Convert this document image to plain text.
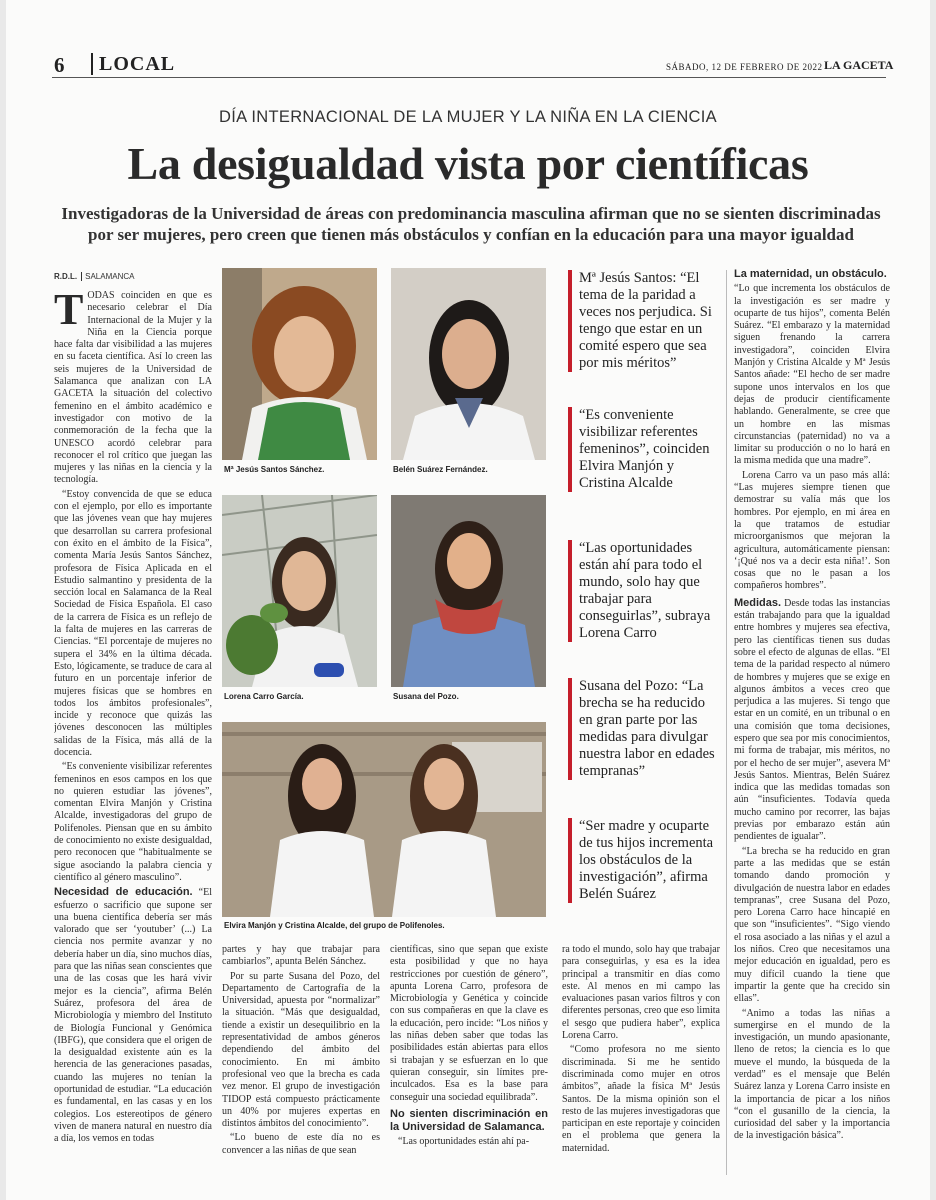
6	LOCAL	SÁBADO, 12 DE FEBRERO DE 2022 LA GACETA
DÍA INTERNACIONAL DE LA MUJER Y LA NIÑA EN LA CIENCIA
La desigualdad vista por científicas
Investigadoras de la Universidad de áreas con predominancia masculina afirman que no se sienten discriminadas por ser mujeres, pero creen que tienen más obstáculos y confían en la educación para una mayor igualdad
R.D.L. SALAMANCA

TODAS coinciden en que es necesario celebrar el Día Internacional de la Mujer y la Niña en la Ciencia porque hace falta dar visibilidad a las mujeres en su faceta científica. Así lo creen las seis mujeres de la Universidad de Salamanca que analizan con LA GACETA la situación del colectivo femenino en el ámbito académico e investigador con motivo de la conmemoración de la fecha que la UNESCO acordó celebrar para reconocer el rol crítico que juegan las mujeres y las niñas en la ciencia y la tecnología.

“Estoy convencida de que se educa con el ejemplo, por ello es importante que las jóvenes vean que hay mujeres que desarrollan su carrera profesional con éxito en el ámbito de la Física”, comenta María Jesús Santos Sánchez, profesora de Física Aplicada en el Estudio salmantino y presidenta de la sección local en Salamanca de la Real Sociedad de Física Española. El caso de la carrera de Física es un reflejo de la falta de mujeres en las carreras de Ciencias. “El porcentaje de mujeres no supera el 34% en la última década. Esto, lógicamente, se traduce de cara al futuro en un porcentaje inferior de mujeres físicas que se hombres en todos los ámbitos profesionales”, incide y reconoce que quizás las jóvenes desconocen las múltiples salidas de la Física, más allá de la docencia.

“Es conveniente visibilizar referentes femeninos en esos campos en los que no quieren estudiar las jóvenes”, comentan Elvira Manjón y Cristina Alcalde, investigadoras del grupo de Polifenoles. Piensan que en su ámbito de conocimiento no existe desigualdad, pero reconocen que “habitualmente se sigue asociando la palabra ciencia y científico al género masculino”.

Necesidad de educación. “El esfuerzo o sacrificio que supone ser una buena científica debería ser más valorado que ser ‘youtuber’ (...) La ciencia nos permite avanzar y no debería haber un día, sino muchos días, para que las niñas sean conscientes que una de las cosas que les hará vivir mejor es la ciencia”, afirma Belén Suárez, profesora del área de Microbiología y miembro del Instituto de Biología Funcional y Genómica (IBFG), que considera que el origen de la desigualdad existente aún es la herencia de las generaciones pasadas, cuando las mujeres no tenían la oportunidad de estudiar. “La educación es fundamental, en las casas y en los colegios. Los estereotipos de género viven de manera natural en nuestro día a día, los vemos en todas

Mª Jesús Santos Sánchez.	Belén Suárez Fernández.
Lorena Carro García.	Susana del Pozo.
Elvira Manjón y Cristina Alcalde, del grupo de Polifenoles.

partes y hay que trabajar para cambiarlos”, apunta Belén Sánchez.

Por su parte Susana del Pozo, del Departamento de Cartografía de la Universidad, apuesta por “normalizar” la situación. “Más que desigualdad, tiende a existir un desequilibrio en la representatividad de ambos géneros dependiendo del ámbito del conocimiento. En mi ámbito profesional veo que la brecha es cada vez menor. El grupo de investigación TIDOP está compuesto prácticamente un 40% por mujeres expertas en distintos ámbitos del conocimiento”.

“Lo bueno de este día no es convencer a las niñas de que sean

científicas, sino que sepan que existe esta posibilidad y que no haya restricciones por cuestión de género”, apunta Lorena Carro, profesora de Microbiología y Genética y coincide con sus compañeras en que la clave es la educación, pero incide: “Los niños y las niñas deben saber que todas las posibilidades están abiertas para ellos si trabajan y se esfuerzan en lo que quieran conseguir, sin límites pre-inculcados. Esa es la base para conseguir una sociedad equilibrada”.

No sienten discriminación en la Universidad de Salamanca.

“Las oportunidades están ahí pa-

Mª Jesús Santos: “El tema de la paridad a veces nos perjudica. Si tengo que estar en un comité espero que sea por mis méritos”
“Es conveniente visibilizar referentes femeninos”, coinciden Elvira Manjón y Cristina Alcalde
“Las oportunidades están ahí para todo el mundo, solo hay que trabajar para conseguirlas”, subraya Lorena Carro
Susana del Pozo: “La brecha se ha reducido en gran parte por las medidas para divulgar nuestra labor en edades tempranas”
“Ser madre y ocuparte de tus hijos incrementa los obstáculos de la investigación”, afirma Belén Suárez

ra todo el mundo, solo hay que trabajar para conseguirlas, y esa es la idea principal a transmitir en días como este. Al menos en mi campo las evaluaciones pasan varios filtros y con diferentes personas, creo que eso limita el sesgo que pudiera haber”, explica Lorena Carro.

“Como profesora no me siento discriminada. Si me he sentido discriminada como mujer en otros ámbitos”, añade la física Mª Jesús Santos. De la misma opinión son el resto de las mujeres investigadoras que participan en este reportaje y coinciden en el problema que genera la maternidad.

La maternidad, un obstáculo.

“Lo que incrementa los obstáculos de la investigación es ser madre y ocuparte de tus hijos”, comenta Belén Suárez. “El embarazo y la maternidad siguen frenando la carrera investigadora”, coinciden Elvira Manjón y Cristina Alcalde y Mª Jesús Santos añade: “El hecho de ser madre supone unos intervalos en los que dejas de producir científicamente hablando. Generalmente, se cree que un hombre en las mismas circunstancias (paternidad) no va a limitar su producción o no lo hará en la misma medida que una madre”.

Lorena Carro va un paso más allá: “Las mujeres siempre tienen que demostrar su valía más que los hombres. Por ejemplo, en mi área en la que tratamos de estudiar microorganismos que mejoran la agricultura, automáticamente piensan: ‘¡Qué nos va a decir esta niña!’. Son cosas que no le pasan a los compañeros hombres”.

Medidas. Desde todas las instancias están trabajando para que la igualdad entre hombres y mujeres sea efectiva, pero las científicas tienen sus dudas sobre el efecto de algunas de ellas. “El tema de la paridad respecto al número de hombres y mujeres que se exige en algunos ámbitos a veces creo que perjudica a las mujeres. Si tengo que estar en un comité, en un tribunal o en una comisión que toma decisiones, espero que sea por mis conocimientos, mi forma de trabajar, mis méritos, no por el hecho de ser mujer”, asevera Mª Jesús Santos. Mientras, Belén Suárez indica que las medidas tomadas son aún “insuficientes. Todavía queda mucho camino por recorrer, las bajas previas por embarazo están aún pendientes de igualar”.

“La brecha se ha reducido en gran parte a las medidas que se están tomando dando promoción y divulgación de nuestra labor en edades tempranas”, cree Susana del Pozo, pero Lorena Carro hace hincapié en que son “insuficientes”. “Sigo viendo el rosa asociado a las niñas y el azul a los niños. Creo que necesitamos una mejor educación en igualdad, pero es muy difícil cuando la tiene que impartir la gente que ha crecido sin ellas”.

“Animo a todas las niñas a sumergirse en el mundo de la investigación, un mundo apasionante, lleno de retos; la ciencia es lo que mueve el mundo, la búsqueda de la verdad” es el mensaje que Belén Suárez lanza y Lorena Carro insiste en la importancia de picar a los niños “con el gusanillo de la ciencia, la curiosidad del saber y la importancia de la investigación básica”.
